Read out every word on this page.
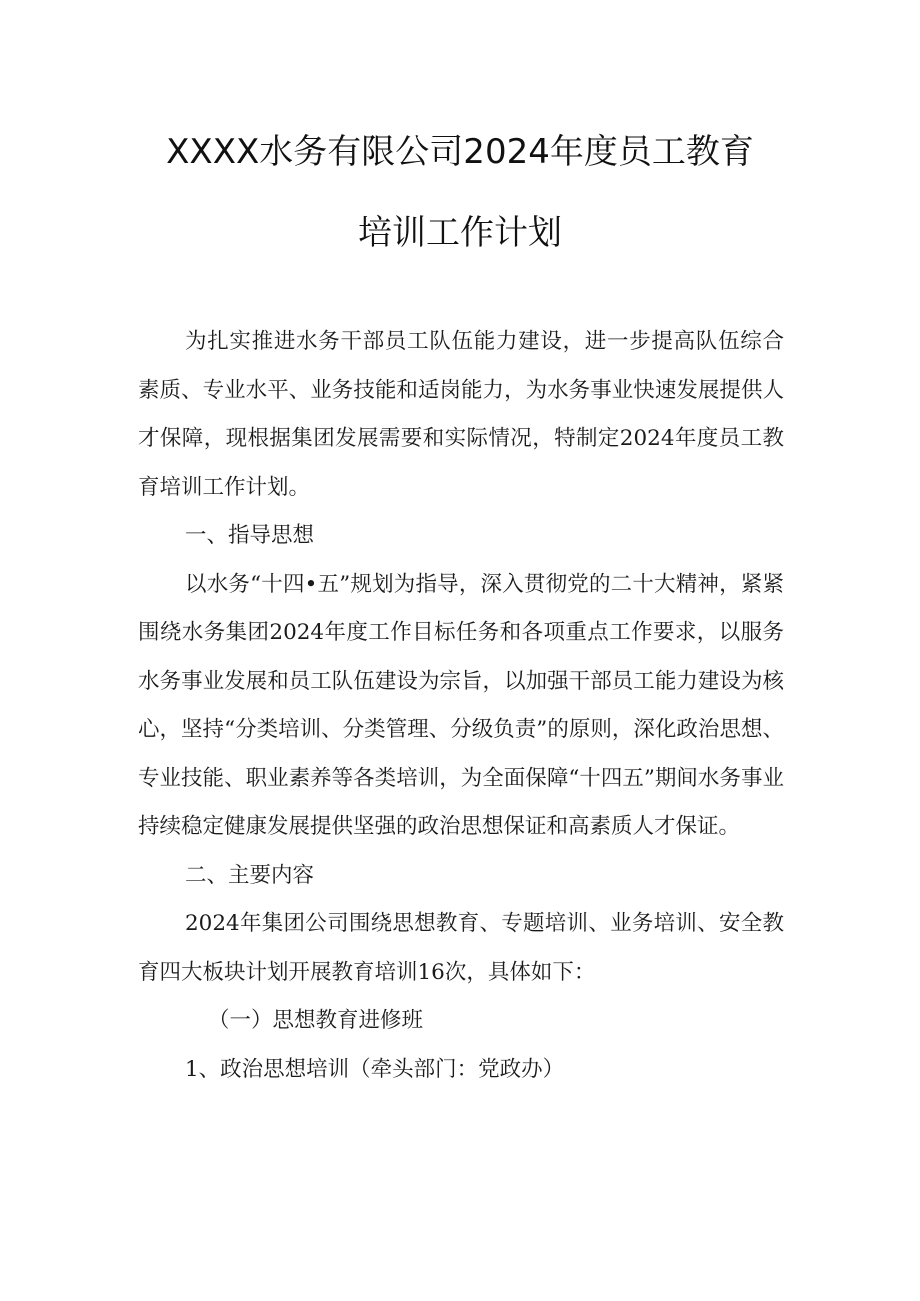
XXXX水务有限公司2024年度员工教育
培训工作计划

为扎实推进水务干部员工队伍能力建设，进一步提高队伍综合素质、专业水平、业务技能和适岗能力，为水务事业快速发展提供人才保障，现根据集团发展需要和实际情况，特制定2024年度员工教育培训工作计划。

一、指导思想

以水务“十四•五”规划为指导，深入贯彻党的二十大精神，紧紧围绕水务集团2024年度工作目标任务和各项重点工作要求，以服务水务事业发展和员工队伍建设为宗旨，以加强干部员工能力建设为核心，坚持“分类培训、分类管理、分级负责”的原则，深化政治思想、专业技能、职业素养等各类培训，为全面保障“十四五”期间水务事业持续稳定健康发展提供坚强的政治思想保证和高素质人才保证。

二、主要内容

2024年集团公司围绕思想教育、专题培训、业务培训、安全教育四大板块计划开展教育培训16次，具体如下：

（一）思想教育进修班

1、政治思想培训（牵头部门：党政办）
